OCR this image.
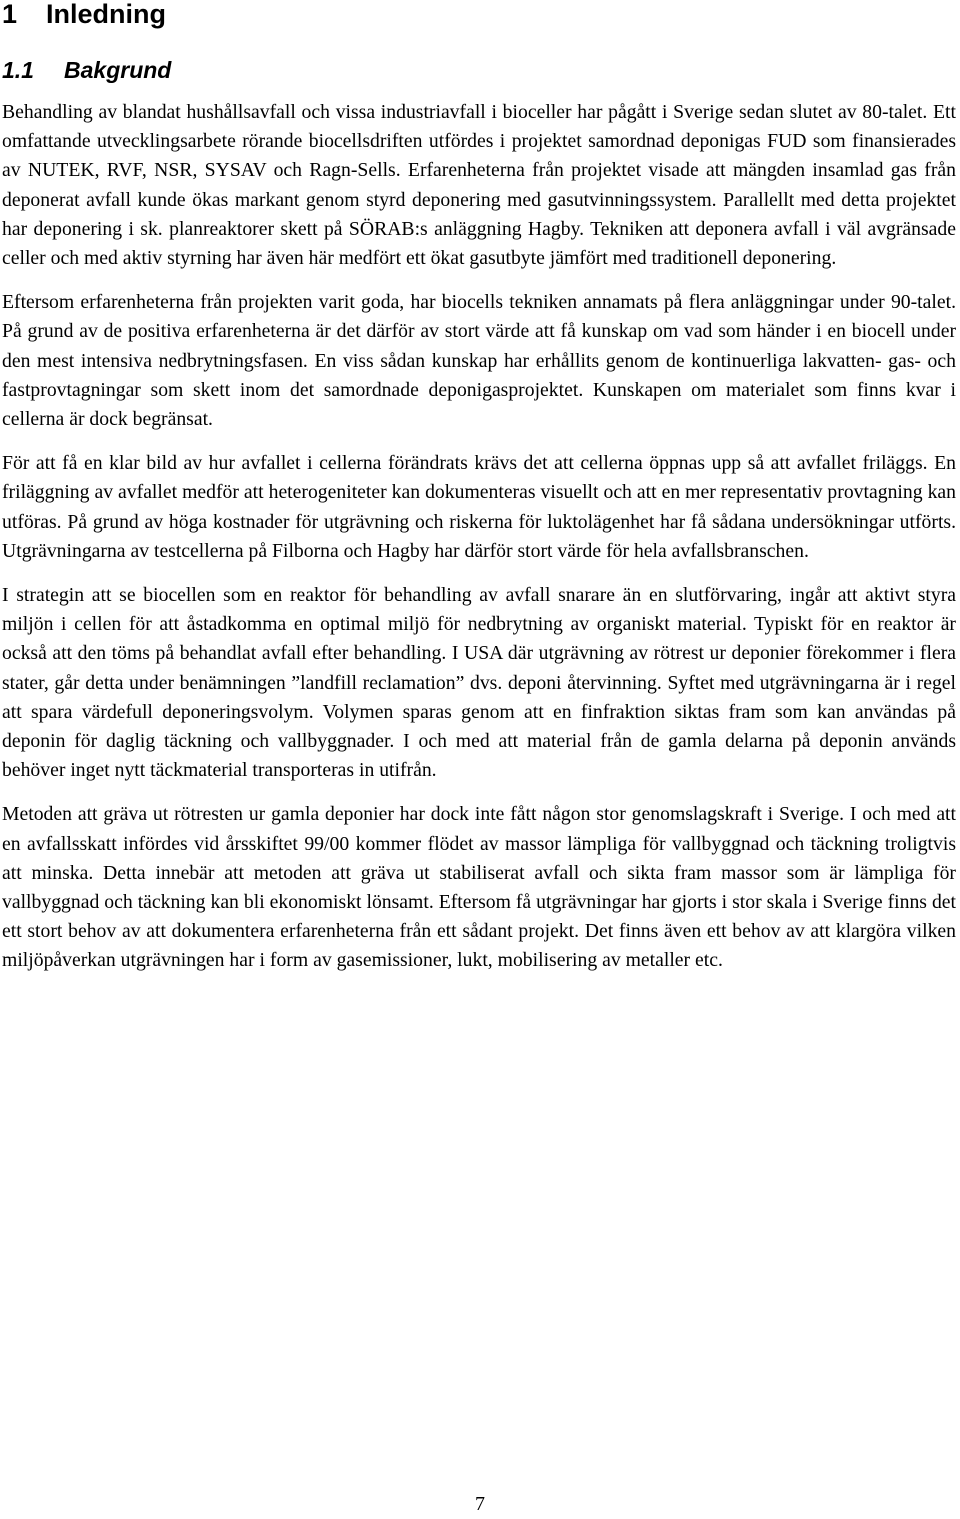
1 Inledning
1.1 Bakgrund

Behandling av blandat hushållsavfall och vissa industriavfall i bioceller har pågått i Sverige sedan slutet av 80-talet. Ett omfattande utvecklingsarbete rörande biocellsdriften utfördes i projektet samordnad deponigas FUD som finansierades av NUTEK, RVF, NSR, SYSAV och Ragn-Sells. Erfarenheterna från projektet visade att mängden insamlad gas från deponerat avfall kunde ökas markant genom styrd deponering med gasutvinningssystem. Parallellt med detta projektet har deponering i sk. planreaktorer skett på SÖRAB:s anläggning Hagby. Tekniken att deponera avfall i väl avgränsade celler och med aktiv styrning har även här medfört ett ökat gasutbyte jämfört med traditionell deponering.

Eftersom erfarenheterna från projekten varit goda, har biocells tekniken annamats på flera anläggningar under 90-talet. På grund av de positiva erfarenheterna är det därför av stort värde att få kunskap om vad som händer i en biocell under den mest intensiva nedbrytningsfasen. En viss sådan kunskap har erhållits genom de kontinuerliga lakvatten- gas- och fastprovtagningar som skett inom det samordnade deponigasprojektet. Kunskapen om materialet som finns kvar i cellerna är dock begränsat.

För att få en klar bild av hur avfallet i cellerna förändrats krävs det att cellerna öppnas upp så att avfallet friläggs. En friläggning av avfallet medför att heterogeniteter kan dokumenteras visuellt och att en mer representativ provtagning kan utföras. På grund av höga kostnader för utgrävning och riskerna för luktolägenhet har få sådana undersökningar utförts. Utgrävningarna av testcellerna på Filborna och Hagby har därför stort värde för hela avfallsbranschen.

I strategin att se biocellen som en reaktor för behandling av avfall snarare än en slutförvaring, ingår att aktivt styra miljön i cellen för att åstadkomma en optimal miljö för nedbrytning av organiskt material. Typiskt för en reaktor är också att den töms på behandlat avfall efter behandling. I USA där utgrävning av rötrest ur deponier förekommer i flera stater, går detta under benämningen ”landfill reclamation” dvs. deponi återvinning. Syftet med utgrävningarna är i regel att spara värdefull deponeringsvolym. Volymen sparas genom att en finfraktion siktas fram som kan användas på deponin för daglig täckning och vallbyggnader. I och med att material från de gamla delarna på deponin används behöver inget nytt täckmaterial transporteras in utifrån.

Metoden att gräva ut rötresten ur gamla deponier har dock inte fått någon stor genomslagskraft i Sverige. I och med att en avfallsskatt infördes vid årsskiftet 99/00 kommer flödet av massor lämpliga för vallbyggnad och täckning troligtvis att minska. Detta innebär att metoden att gräva ut stabiliserat avfall och sikta fram massor som är lämpliga för vallbyggnad och täckning kan bli ekonomiskt lönsamt. Eftersom få utgrävningar har gjorts i stor skala i Sverige finns det ett stort behov av att dokumentera erfarenheterna från ett sådant projekt. Det finns även ett behov av att klargöra vilken miljöpåverkan utgrävningen har i form av gasemissioner, lukt, mobilisering av metaller etc.

7
